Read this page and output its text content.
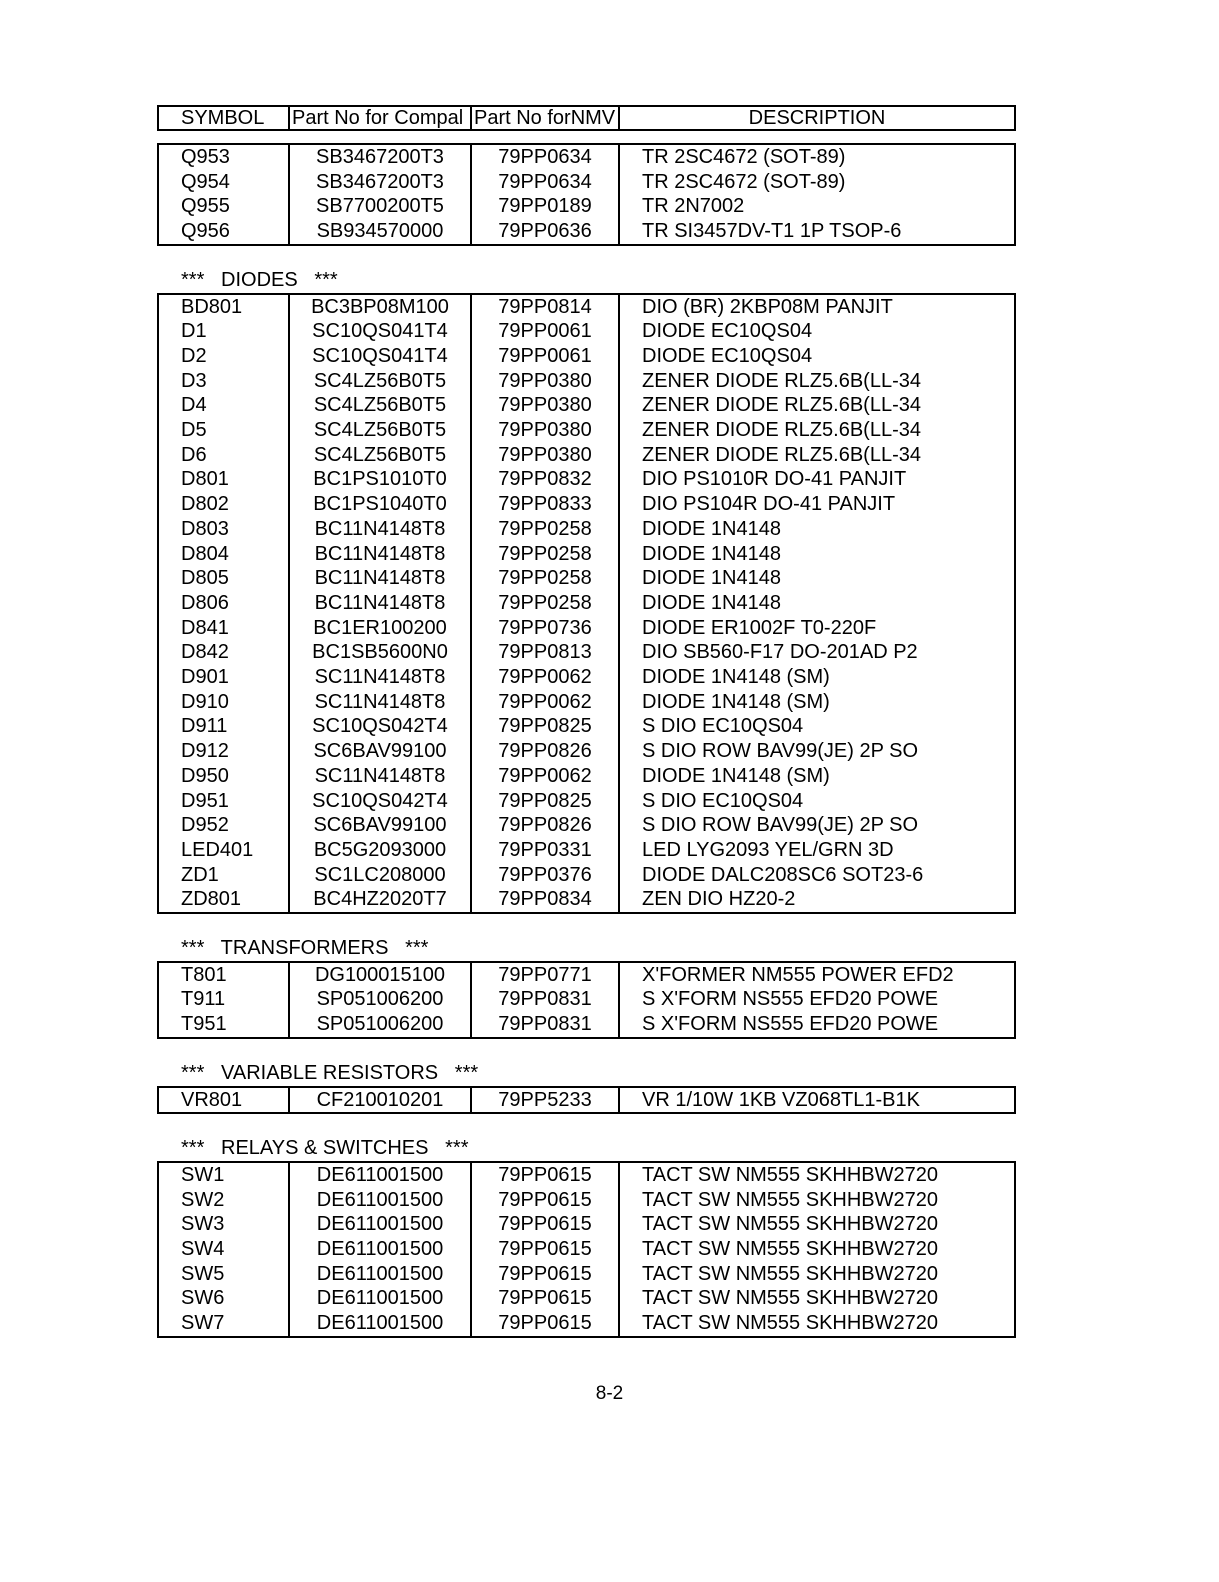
SYMBOL	Part No for Compal	Part No forNMV	DESCRIPTION
Q953	SB3467200T3	79PP0634	TR 2SC4672 (SOT-89)
Q954	SB3467200T3	79PP0634	TR 2SC4672 (SOT-89)
Q955	SB7700200T5	79PP0189	TR 2N7002
Q956	SB934570000	79PP0636	TR SI3457DV-T1 1P TSOP-6
***   DIODES   ***
BD801	BC3BP08M100	79PP0814	DIO (BR) 2KBP08M PANJIT
D1	SC10QS041T4	79PP0061	DIODE EC10QS04
D2	SC10QS041T4	79PP0061	DIODE EC10QS04
D3	SC4LZ56B0T5	79PP0380	ZENER DIODE RLZ5.6B(LL-34
D4	SC4LZ56B0T5	79PP0380	ZENER DIODE RLZ5.6B(LL-34
D5	SC4LZ56B0T5	79PP0380	ZENER DIODE RLZ5.6B(LL-34
D6	SC4LZ56B0T5	79PP0380	ZENER DIODE RLZ5.6B(LL-34
D801	BC1PS1010T0	79PP0832	DIO PS1010R DO-41 PANJIT
D802	BC1PS1040T0	79PP0833	DIO PS104R DO-41 PANJIT
D803	BC11N4148T8	79PP0258	DIODE 1N4148
D804	BC11N4148T8	79PP0258	DIODE 1N4148
D805	BC11N4148T8	79PP0258	DIODE 1N4148
D806	BC11N4148T8	79PP0258	DIODE 1N4148
D841	BC1ER100200	79PP0736	DIODE ER1002F T0-220F
D842	BC1SB5600N0	79PP0813	DIO SB560-F17 DO-201AD P2
D901	SC11N4148T8	79PP0062	DIODE 1N4148 (SM)
D910	SC11N4148T8	79PP0062	DIODE 1N4148 (SM)
D911	SC10QS042T4	79PP0825	S DIO EC10QS04
D912	SC6BAV99100	79PP0826	S DIO ROW BAV99(JE) 2P SO
D950	SC11N4148T8	79PP0062	DIODE 1N4148 (SM)
D951	SC10QS042T4	79PP0825	S DIO EC10QS04
D952	SC6BAV99100	79PP0826	S DIO ROW BAV99(JE) 2P SO
LED401	BC5G2093000	79PP0331	LED LYG2093 YEL/GRN 3D
ZD1	SC1LC208000	79PP0376	DIODE DALC208SC6 SOT23-6
ZD801	BC4HZ2020T7	79PP0834	ZEN DIO HZ20-2
***   TRANSFORMERS   ***
T801	DG100015100	79PP0771	X'FORMER NM555 POWER EFD2
T911	SP051006200	79PP0831	S X'FORM NS555 EFD20 POWE
T951	SP051006200	79PP0831	S X'FORM NS555 EFD20 POWE
***   VARIABLE RESISTORS   ***
VR801	CF210010201	79PP5233	VR 1/10W 1KB VZ068TL1-B1K
***   RELAYS & SWITCHES   ***
SW1	DE611001500	79PP0615	TACT SW NM555 SKHHBW2720
SW2	DE611001500	79PP0615	TACT SW NM555 SKHHBW2720
SW3	DE611001500	79PP0615	TACT SW NM555 SKHHBW2720
SW4	DE611001500	79PP0615	TACT SW NM555 SKHHBW2720
SW5	DE611001500	79PP0615	TACT SW NM555 SKHHBW2720
SW6	DE611001500	79PP0615	TACT SW NM555 SKHHBW2720
SW7	DE611001500	79PP0615	TACT SW NM555 SKHHBW2720
8-2
